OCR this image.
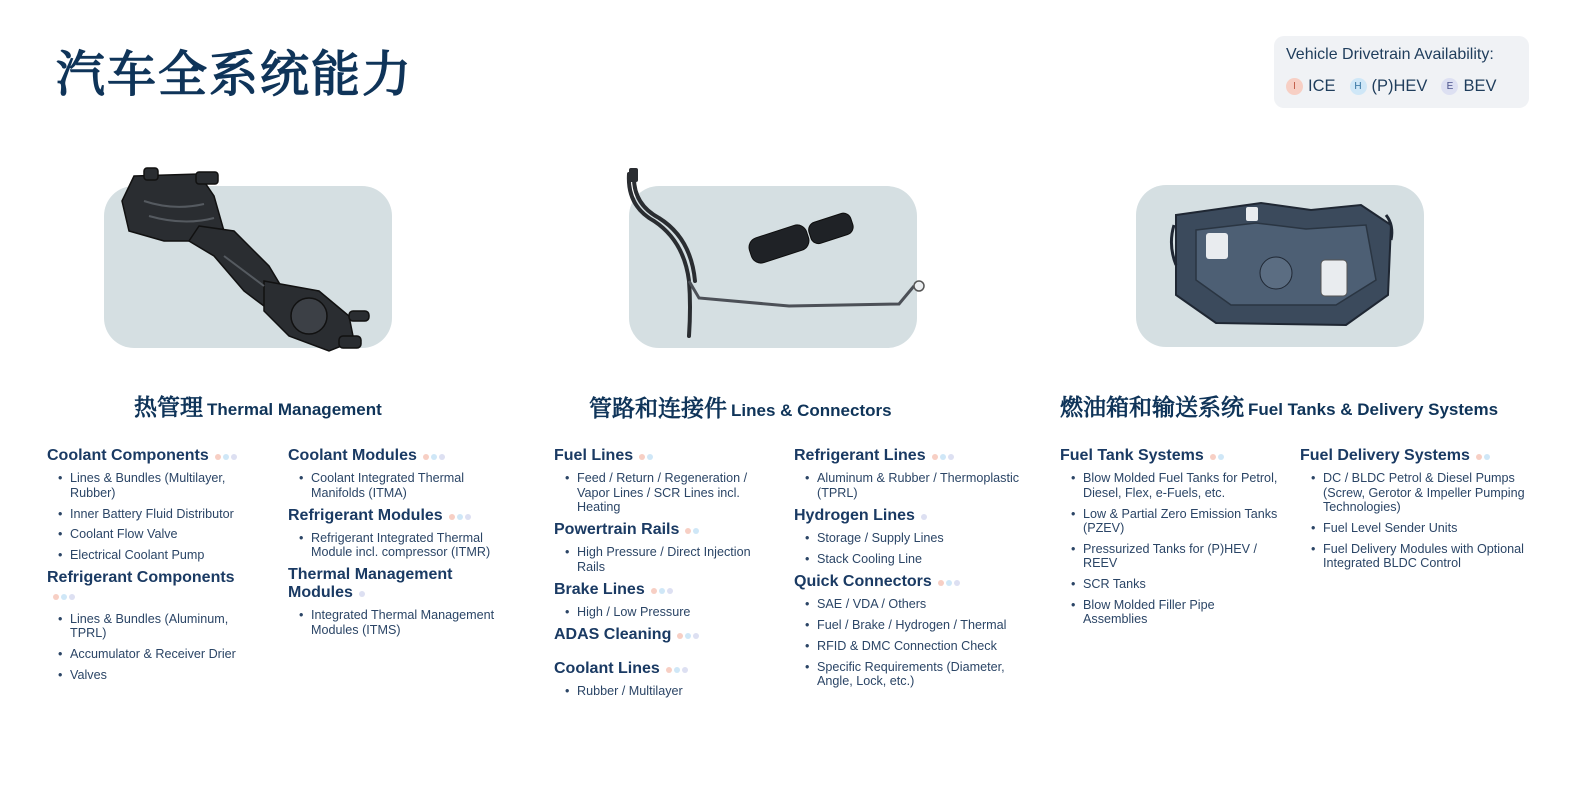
汽车全系统能力	Vehicle Drivetrain Availability:
I ICE	H (P)HEV	E BEV
热管理 Thermal Management	管路和连接件 Lines & Connectors	燃油箱和输送系统 Fuel Tanks & Delivery Systems
Coolant Components
• Lines & Bundles (Multilayer, Rubber)
• Inner Battery Fluid Distributor
• Coolant Flow Valve
• Electrical Coolant Pump
Refrigerant Components
• Lines & Bundles (Aluminum, TPRL)
• Accumulator & Receiver Drier
• Valves
Coolant Modules
• Coolant Integrated Thermal Manifolds (ITMA)
Refrigerant Modules
• Refrigerant Integrated Thermal Module incl. compressor (ITMR)
Thermal Management Modules
• Integrated Thermal Management Modules (ITMS)
Fuel Lines
• Feed / Return / Regeneration / Vapor Lines / SCR Lines incl. Heating
Powertrain Rails
• High Pressure / Direct Injection Rails
Brake Lines
• High / Low Pressure
ADAS Cleaning
Coolant Lines
• Rubber / Multilayer
Refrigerant Lines
• Aluminum & Rubber / Thermoplastic (TPRL)
Hydrogen Lines
• Storage / Supply Lines
• Stack Cooling Line
Quick Connectors
• SAE / VDA / Others
• Fuel / Brake / Hydrogen / Thermal
• RFID & DMC Connection Check
• Specific Requirements (Diameter, Angle, Lock, etc.)
Fuel Tank Systems
• Blow Molded Fuel Tanks for Petrol, Diesel, Flex, e-Fuels, etc.
• Low & Partial Zero Emission Tanks (PZEV)
• Pressurized Tanks for (P)HEV / REEV
• SCR Tanks
• Blow Molded Filler Pipe Assemblies
Fuel Delivery Systems
• DC / BLDC Petrol & Diesel Pumps (Screw, Gerotor & Impeller Pumping Technologies)
• Fuel Level Sender Units
• Fuel Delivery Modules with Optional Integrated BLDC Control
